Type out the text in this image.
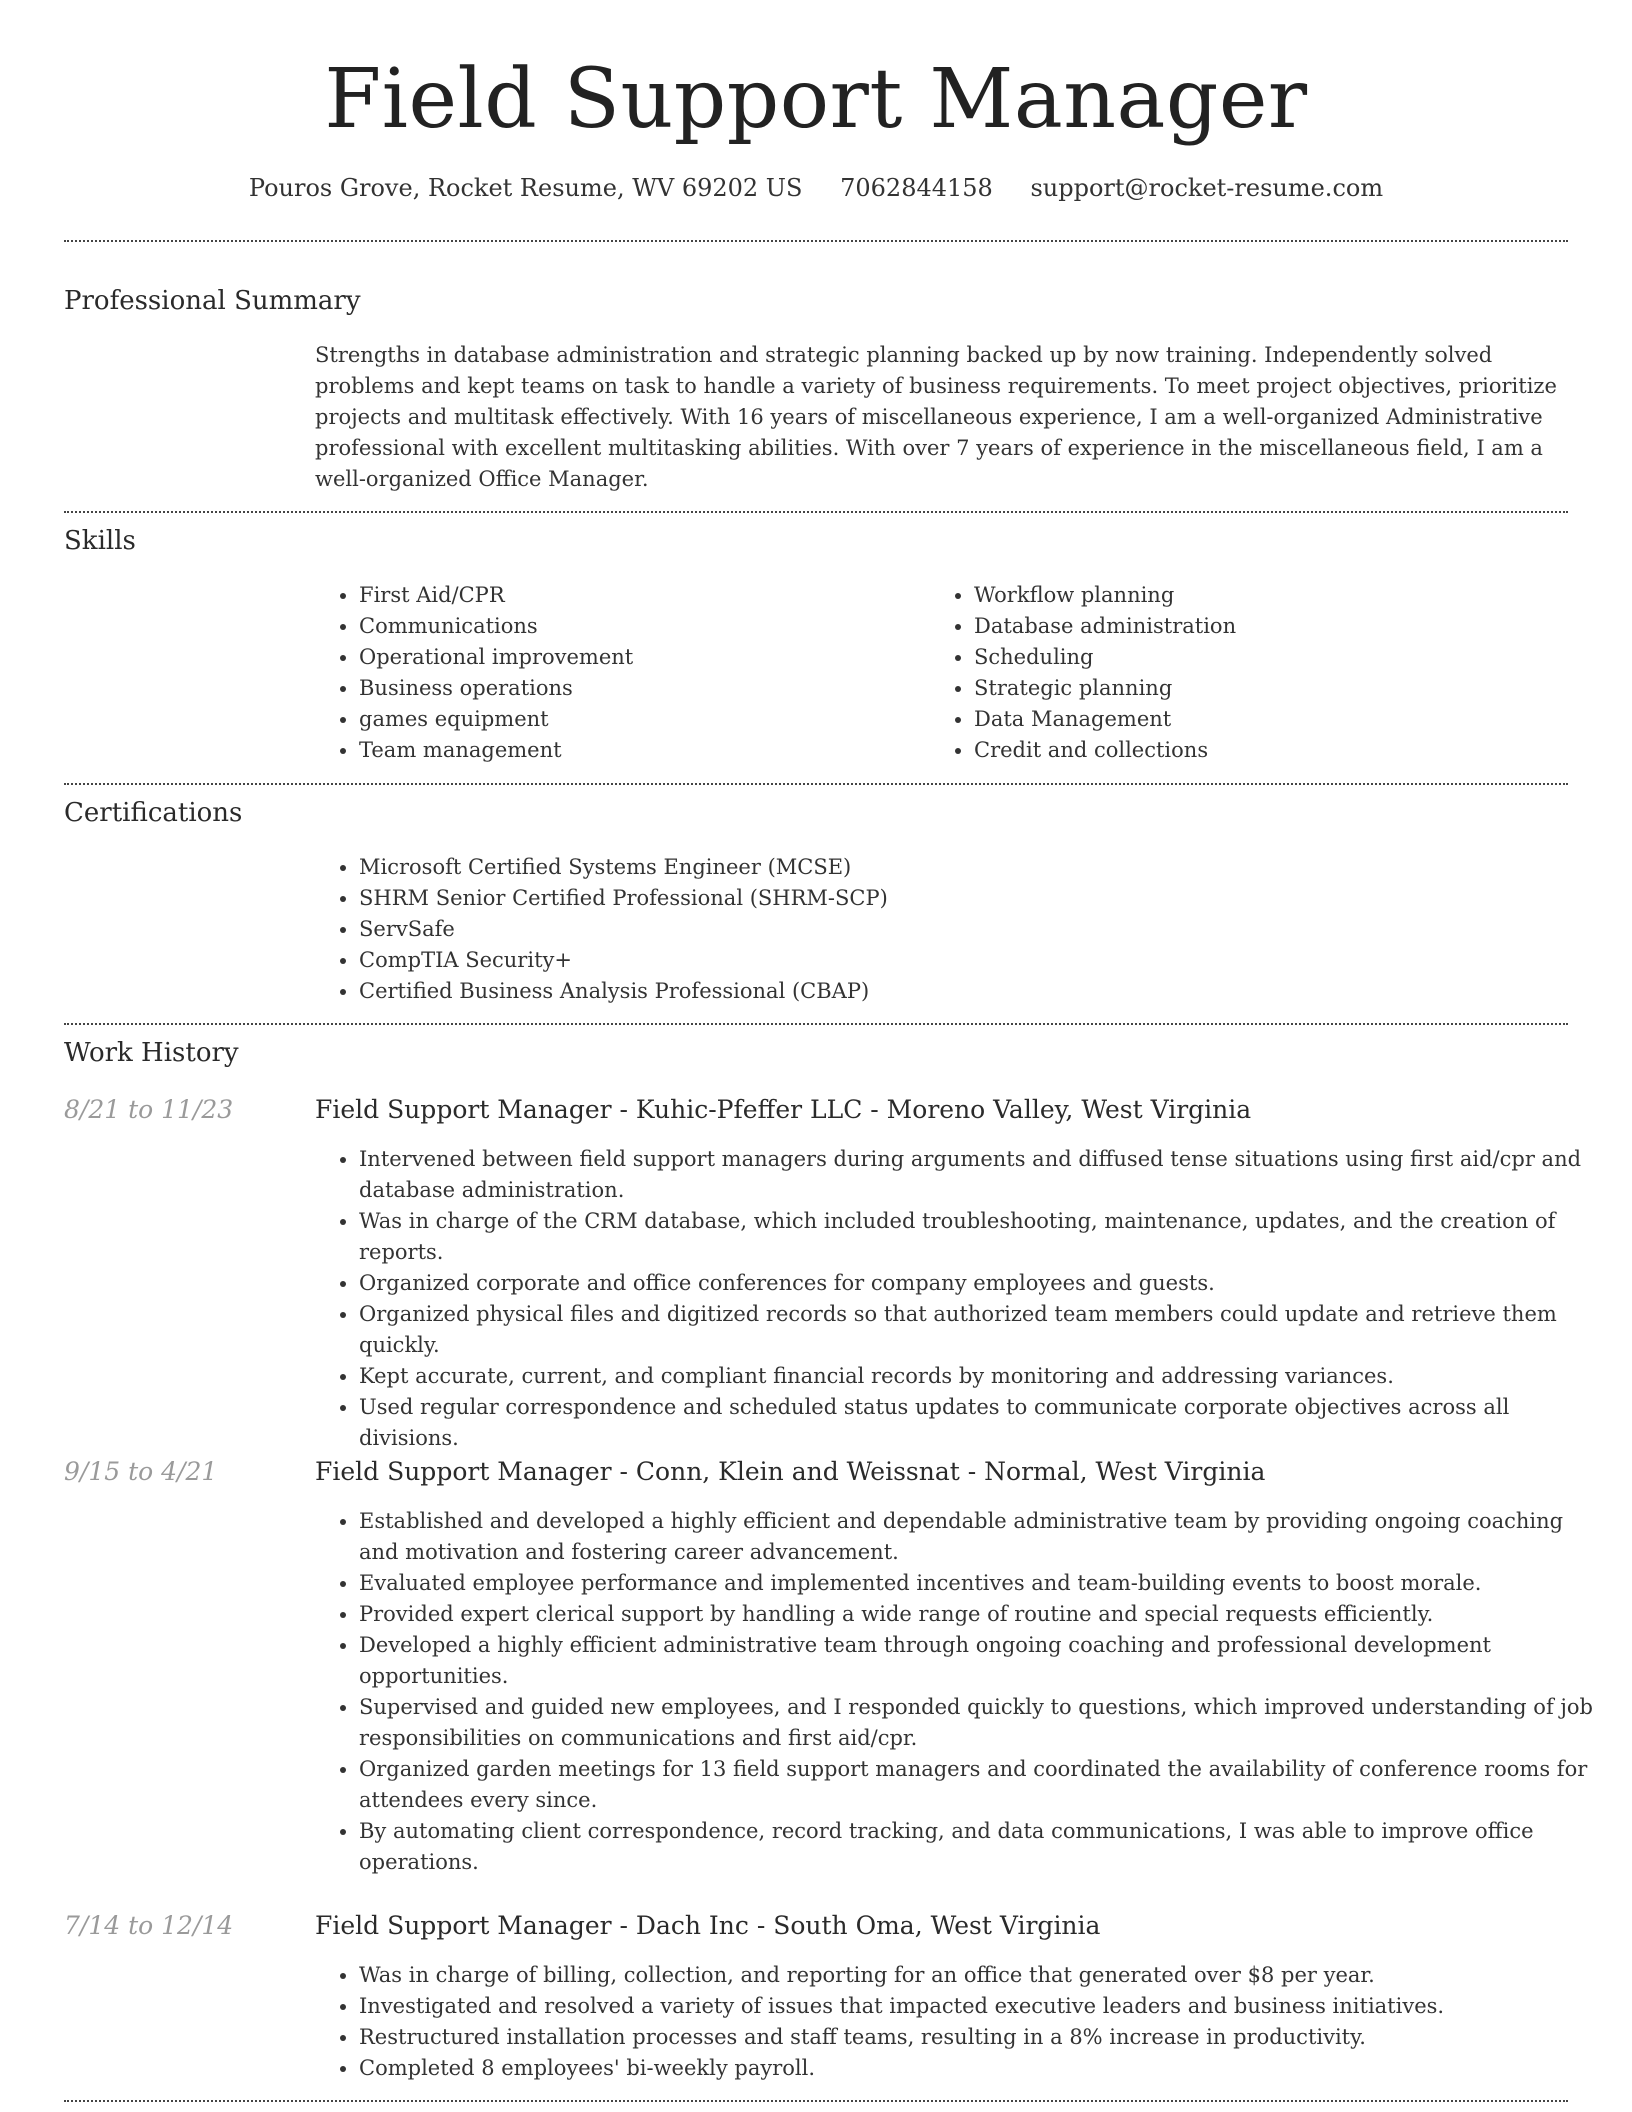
Field Support Manager
Pouros Grove, Rocket Resume, WV 69202 US 7062844158 support@rocket-resume.com
Professional Summary

Strengths in database administration and strategic planning backed up by now training. Independently solved problems and kept teams on task to handle a variety of business requirements. To meet project objectives, prioritize projects and multitask effectively. With 16 years of miscellaneous experience, I am a well-organized Administrative professional with excellent multitasking abilities. With over 7 years of experience in the miscellaneous field, I am a well-organized Office Manager.

Skills
• First Aid/CPR
• Communications
• Operational improvement
• Business operations
• games equipment
• Team management
• Workflow planning
• Database administration
• Scheduling
• Strategic planning
• Data Management
• Credit and collections
Certifications
• Microsoft Certified Systems Engineer (MCSE)
• SHRM Senior Certified Professional (SHRM-SCP)
• ServSafe
• CompTIA Security+
• Certified Business Analysis Professional (CBAP)
Work History
8/21 to 11/23	Field Support Manager - Kuhic-Pfeffer LLC - Moreno Valley, West Virginia
• Intervened between field support managers during arguments and diffused tense situations using first aid/cpr and database administration.
• Was in charge of the CRM database, which included troubleshooting, maintenance, updates, and the creation of reports.
• Organized corporate and office conferences for company employees and guests.
• Organized physical files and digitized records so that authorized team members could update and retrieve them quickly.
• Kept accurate, current, and compliant financial records by monitoring and addressing variances.
• Used regular correspondence and scheduled status updates to communicate corporate objectives across all divisions.
9/15 to 4/21	Field Support Manager - Conn, Klein and Weissnat - Normal, West Virginia
• Established and developed a highly efficient and dependable administrative team by providing ongoing coaching and motivation and fostering career advancement.
• Evaluated employee performance and implemented incentives and team-building events to boost morale.
• Provided expert clerical support by handling a wide range of routine and special requests efficiently.
• Developed a highly efficient administrative team through ongoing coaching and professional development opportunities.
• Supervised and guided new employees, and I responded quickly to questions, which improved understanding of job responsibilities on communications and first aid/cpr.
• Organized garden meetings for 13 field support managers and coordinated the availability of conference rooms for attendees every since.
• By automating client correspondence, record tracking, and data communications, I was able to improve office operations.
7/14 to 12/14	Field Support Manager - Dach Inc - South Oma, West Virginia
• Was in charge of billing, collection, and reporting for an office that generated over $8 per year.
• Investigated and resolved a variety of issues that impacted executive leaders and business initiatives.
• Restructured installation processes and staff teams, resulting in a 8% increase in productivity.
• Completed 8 employees' bi-weekly payroll.
